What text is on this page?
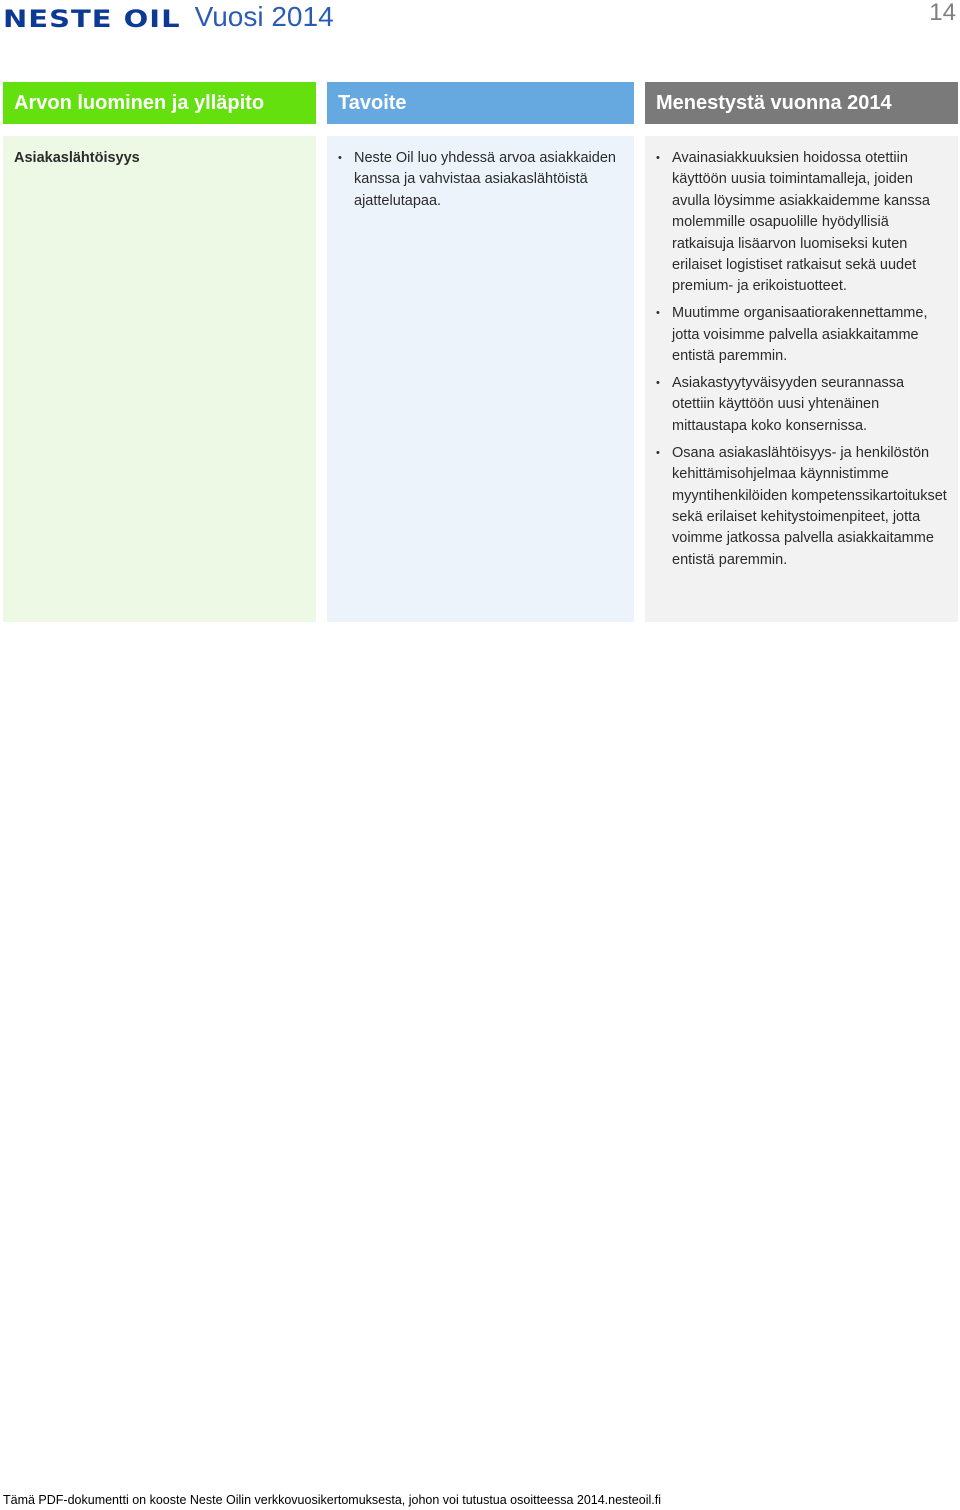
NESTE OIL Vuosi 2014	14
Arvon luominen ja ylläpito	Tavoite	Menestystä vuonna 2014
Asiakaslähtöisyys
•	Neste Oil luo yhdessä arvoa asiakkaiden kanssa ja vahvistaa asiakaslähtöistä ajattelutapaa.
• Avainasiakkuuksien hoidossa otettiin käyttöön uusia toimintamalleja, joiden avulla löysimme asiakkaidemme kanssa molemmille osapuolille hyödyllisiä ratkaisuja lisäarvon luomiseksi kuten erilaiset logistiset ratkaisut sekä uudet premium- ja erikoistuotteet.
• Muutimme organisaatiorakennettamme, jotta voisimme palvella asiakkaitamme entistä paremmin.
• Asiakastyytyväisyyden seurannassa otettiin käyttöön uusi yhtenäinen mittaustapa koko konsernissa.
• Osana asiakaslähtöisyys- ja henkilöstön kehittämisohjelmaa käynnistimme myyntihenkilöiden kompetenssikartoitukset sekä erilaiset kehitystoimenpiteet, jotta voimme jatkossa palvella asiakkaitamme entistä paremmin.
Tämä PDF-dokumentti on kooste Neste Oilin verkkovuosikertomuksesta, johon voi tutustua osoitteessa 2014.nesteoil.fi
